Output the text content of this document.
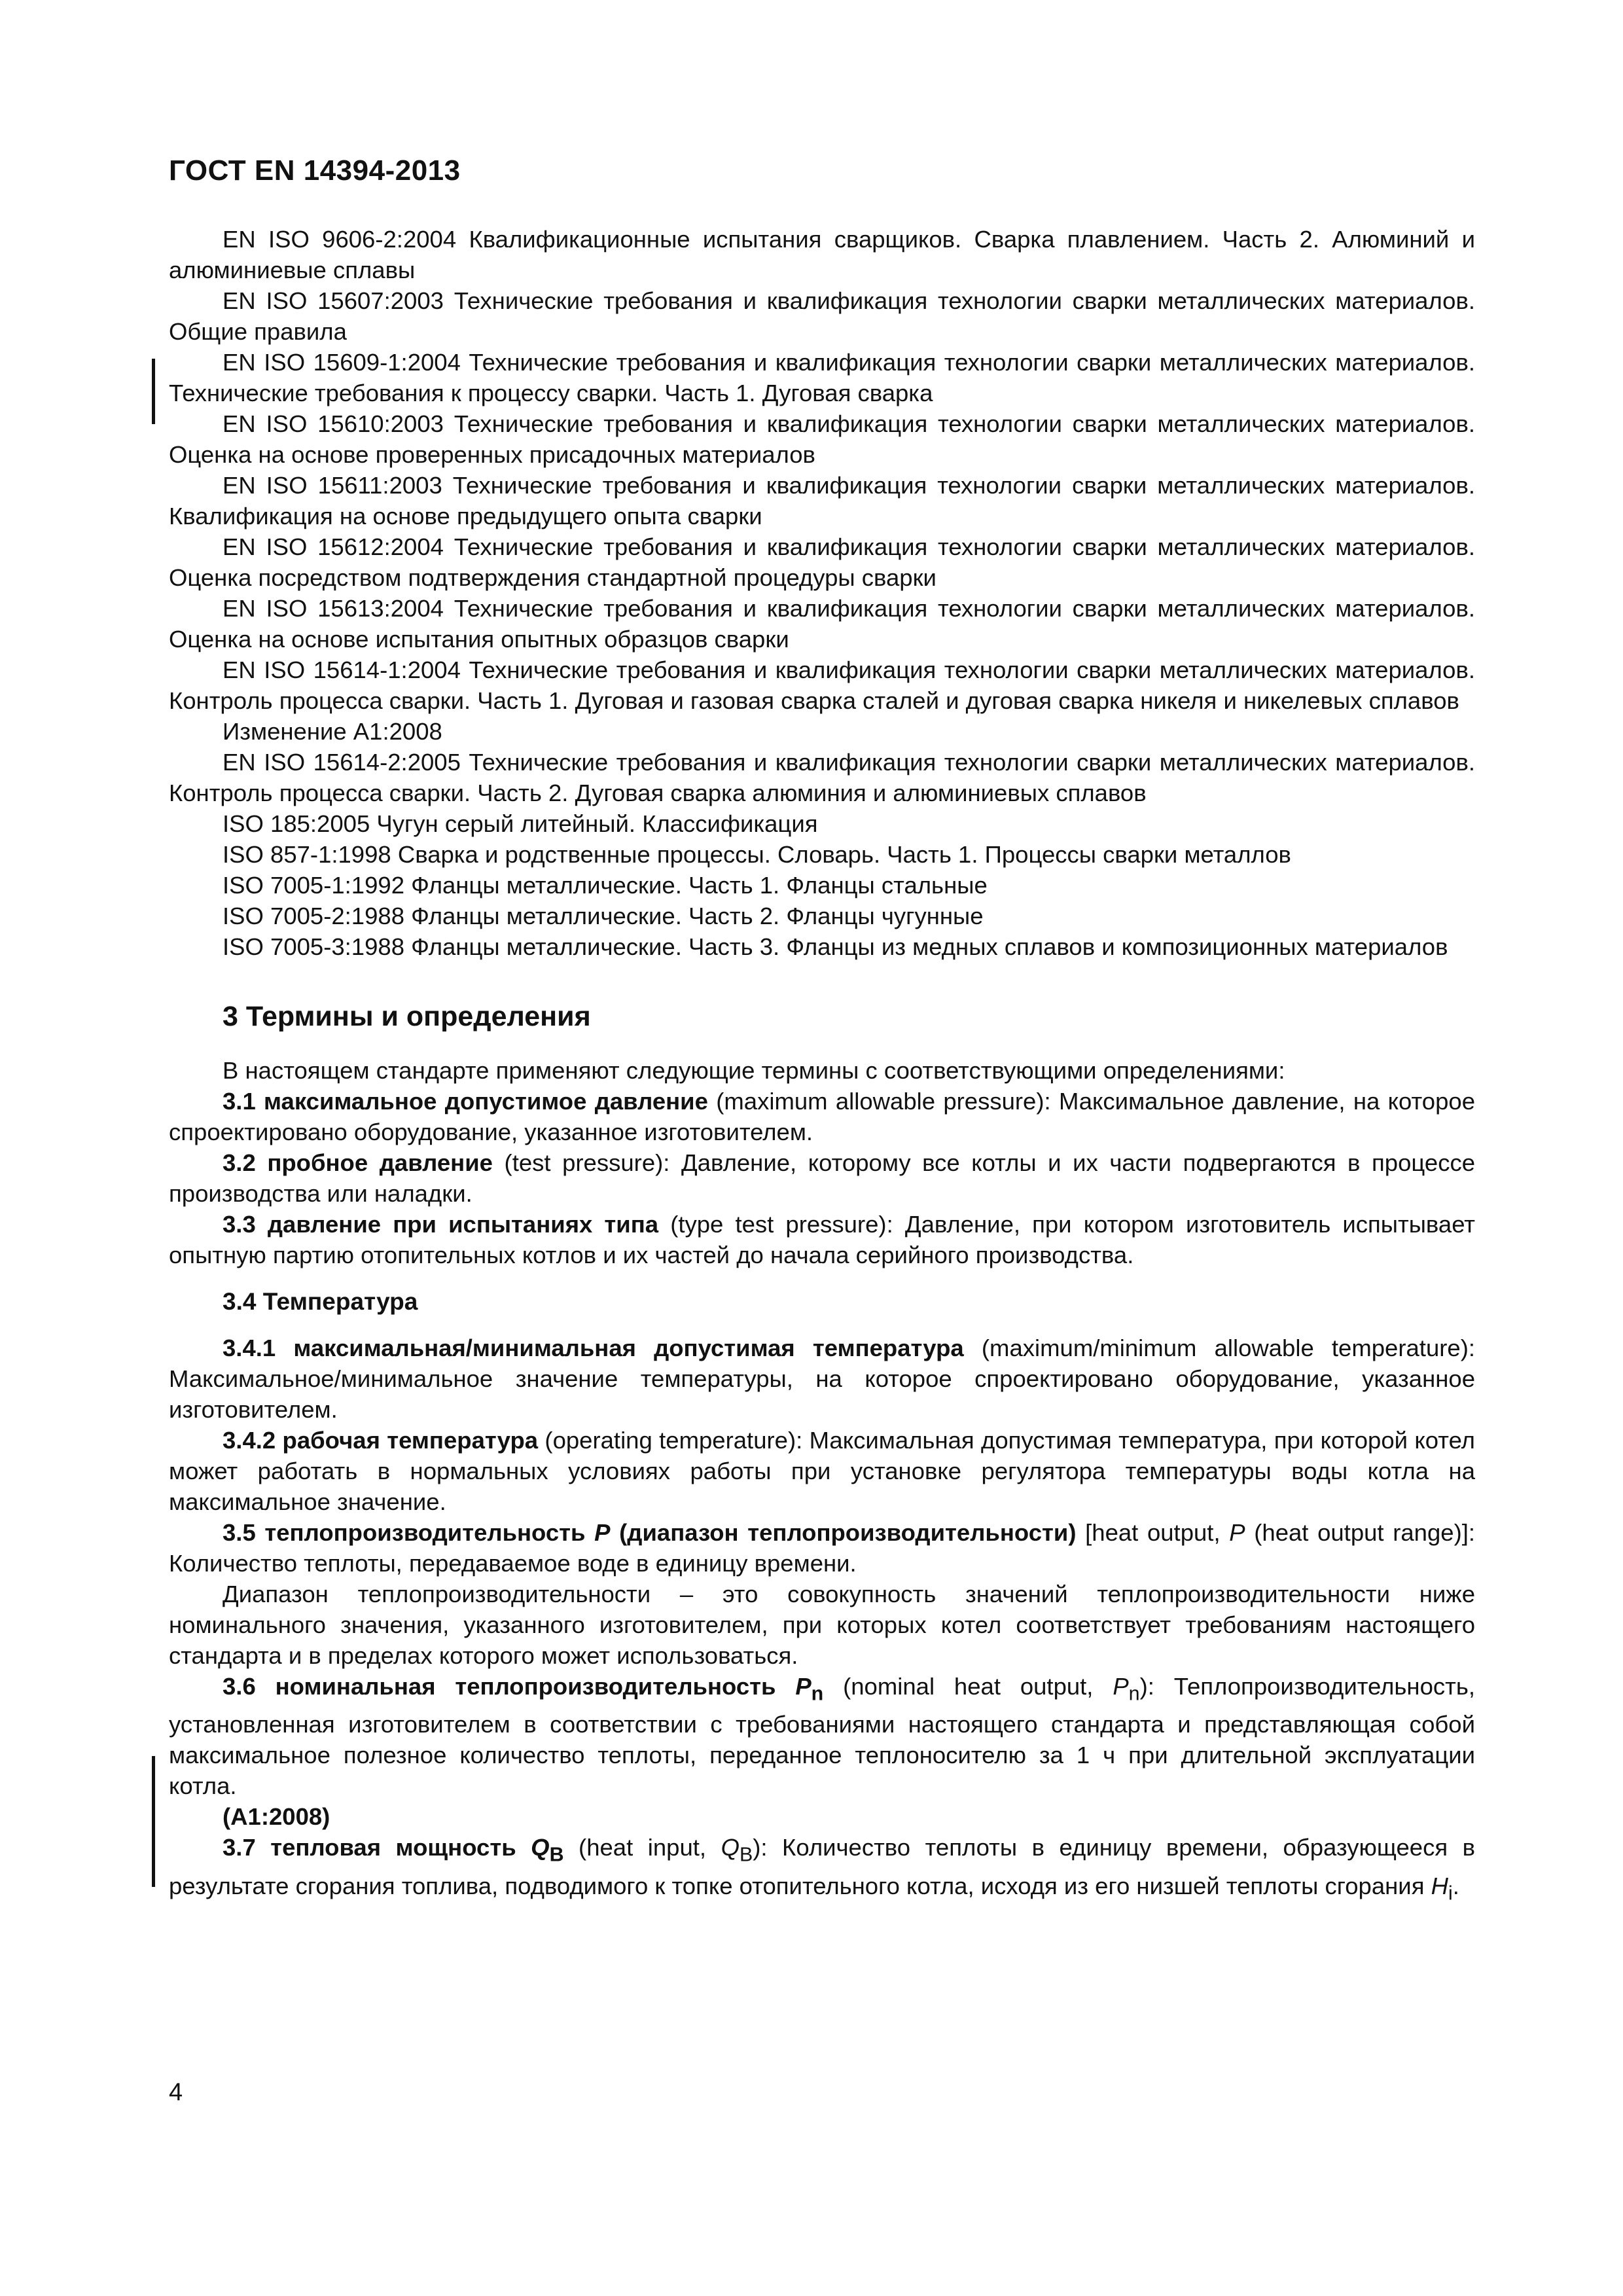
ГОСТ EN 14394-2013

EN ISO 9606-2:2004 Квалификационные испытания сварщиков. Сварка плавлением. Часть 2. Алюминий и алюминиевые сплавы

EN ISO 15607:2003 Технические требования и квалификация технологии сварки металлических материалов. Общие правила

EN ISO 15609-1:2004 Технические требования и квалификация технологии сварки металлических материалов. Технические требования к процессу сварки. Часть 1. Дуговая сварка

EN ISO 15610:2003 Технические требования и квалификация технологии сварки металлических материалов. Оценка на основе проверенных присадочных материалов

EN ISO 15611:2003 Технические требования и квалификация технологии сварки металлических материалов. Квалификация на основе предыдущего опыта сварки

EN ISO 15612:2004 Технические требования и квалификация технологии сварки металлических материалов. Оценка посредством подтверждения стандартной процедуры сварки

EN ISO 15613:2004 Технические требования и квалификация технологии сварки металлических материалов. Оценка на основе испытания опытных образцов сварки

EN ISO 15614-1:2004 Технические требования и квалификация технологии сварки металлических материалов. Контроль процесса сварки. Часть 1. Дуговая и газовая сварка сталей и дуговая сварка никеля и никелевых сплавов

Изменение A1:2008

EN ISO 15614-2:2005 Технические требования и квалификация технологии сварки металлических материалов. Контроль процесса сварки. Часть 2. Дуговая сварка алюминия и алюминиевых сплавов

ISO 185:2005 Чугун серый литейный. Классификация

ISO 857-1:1998 Сварка и родственные процессы. Словарь. Часть 1. Процессы сварки металлов

ISO 7005-1:1992 Фланцы металлические. Часть 1. Фланцы стальные

ISO 7005-2:1988 Фланцы металлические. Часть 2. Фланцы чугунные

ISO 7005-3:1988 Фланцы металлические. Часть 3. Фланцы из медных сплавов и композиционных материалов

3 Термины и определения

В настоящем стандарте применяют следующие термины с соответствующими определениями:

3.1 максимальное допустимое давление (maximum allowable pressure): Максимальное давление, на которое спроектировано оборудование, указанное изготовителем.

3.2 пробное давление (test pressure): Давление, которому все котлы и их части подвергаются в процессе производства или наладки.

3.3 давление при испытаниях типа (type test pressure): Давление, при котором изготовитель испытывает опытную партию отопительных котлов и их частей до начала серийного производства.

3.4 Температура

3.4.1 максимальная/минимальная допустимая температура (maximum/minimum allowable temperature): Максимальное/минимальное значение температуры, на которое спроектировано оборудование, указанное изготовителем.

3.4.2 рабочая температура (operating temperature): Максимальная допустимая температура, при которой котел может работать в нормальных условиях работы при установке регулятора температуры воды котла на максимальное значение.

3.5 теплопроизводительность P (диапазон теплопроизводительности) [heat output, P (heat output range)]: Количество теплоты, передаваемое воде в единицу времени.

Диапазон теплопроизводительности – это совокупность значений теплопроизводительности ниже номинального значения, указанного изготовителем, при которых котел соответствует требованиям настоящего стандарта и в пределах которого может использоваться.

3.6 номинальная теплопроизводительность $P_n$ (nominal heat output, $P_n$): Теплопроизводительность, установленная изготовителем в соответствии с требованиями настоящего стандарта и представляющая собой максимальное полезное количество теплоты, переданное теплоносителю за 1 ч при длительной эксплуатации котла.

(A1:2008)

3.7 тепловая мощность $Q_B$ (heat input, $Q_B$): Количество теплоты в единицу времени, образующееся в результате сгорания топлива, подводимого к топке отопительного котла, исходя из его низшей теплоты сгорания $H_i$.

4
